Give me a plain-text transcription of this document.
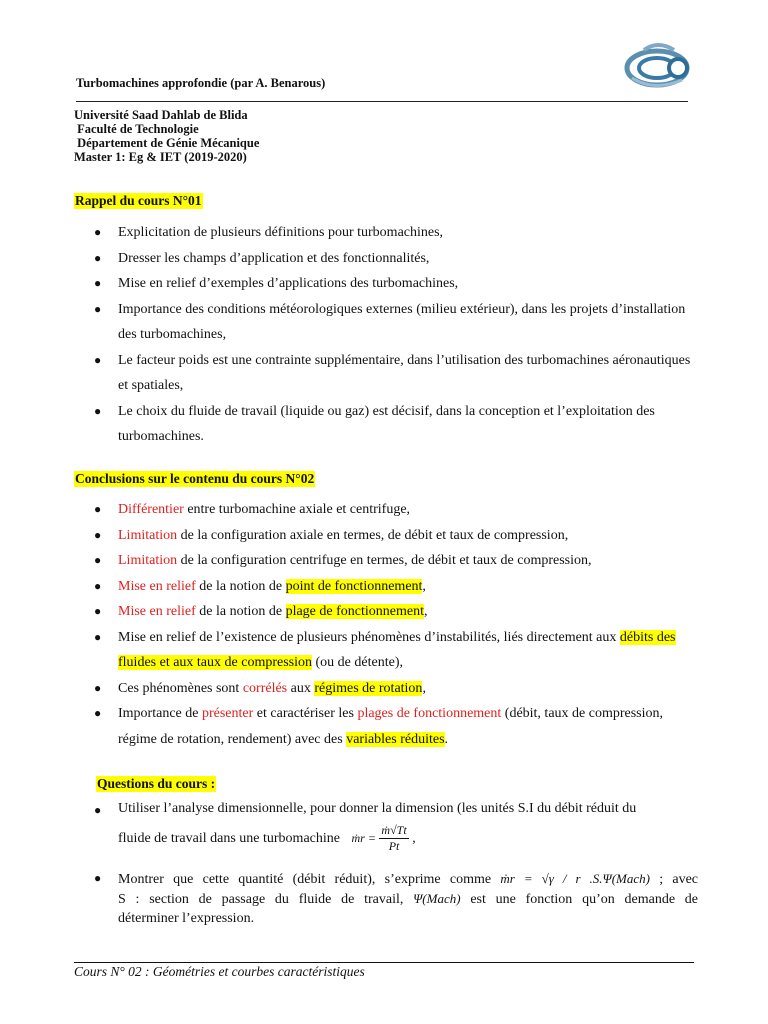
Turbomachines approfondie (par A. Benarous)
Université Saad Dahlab de Blida
Faculté de Technologie
Département de Génie Mécanique
Master 1: Eg & IET (2019-2020)
Rappel du cours N°01
● Explicitation de plusieurs définitions pour turbomachines,
● Dresser les champs d’application et des fonctionnalités,
● Mise en relief d’exemples d’applications des turbomachines,
● Importance des conditions météorologiques externes (milieu extérieur), dans les projets d’installation des turbomachines,
● Le facteur poids est une contrainte supplémentaire, dans l’utilisation des turbomachines aéronautiques et spatiales,
● Le choix du fluide de travail (liquide ou gaz) est décisif, dans la conception et l’exploitation des turbomachines.
Conclusions sur le contenu du cours N°02
● Différentier entre turbomachine axiale et centrifuge,
● Limitation de la configuration axiale en termes, de débit et taux de compression,
● Limitation de la configuration centrifuge en termes, de débit et taux de compression,
● Mise en relief de la notion de point de fonctionnement,
● Mise en relief de la notion de plage de fonctionnement,
● Mise en relief de l’existence de plusieurs phénomènes d’instabilités, liés directement aux débits des fluides et aux taux de compression (ou de détente),
● Ces phénomènes sont corrélés aux régimes de rotation,
● Importance de présenter et caractériser les plages de fonctionnement (débit, taux de compression, régime de rotation, rendement) avec des variables réduites.
Questions du cours :
● Utiliser l’analyse dimensionnelle, pour donner la dimension (les unités S.I du débit réduit du
fluide de travail dans une turbomachine ṁr = $\frac{\text{ṁ√Tt}}{Pt}$ ,
● Montrer que cette quantité (débit réduit), s’exprime comme ṁr = √γ / r .S.Ψ(Mach) ; avec
S : section de passage du fluide de travail, Ψ(Mach) est une fonction qu’on demande de
déterminer l’expression.
Cours N° 02 : Géométries et courbes caractéristiques
